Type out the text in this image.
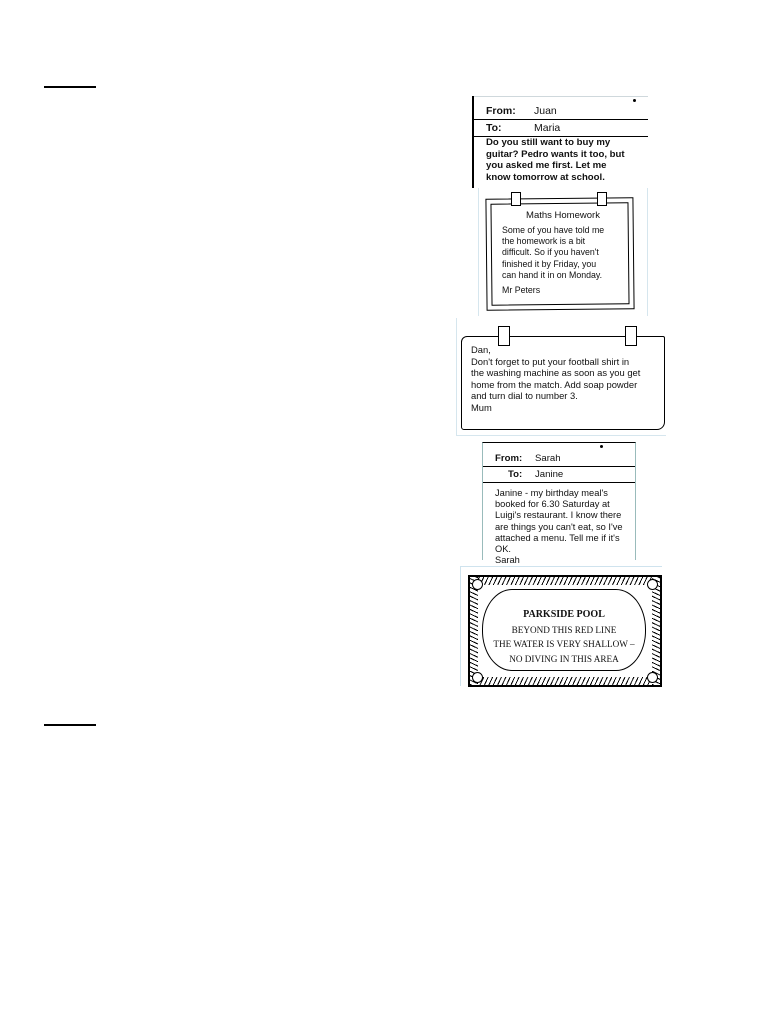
From: Juan
To:	Maria
Do you still want to buy my
guitar? Pedro wants it too, but
you asked me first. Let me
know tomorrow at school.
Maths Homework
Some of you have told me
the homework is a bit
difficult. So if you haven't
finished it by Friday, you
can hand it in on Monday.
Mr Peters
Dan,
Don't forget to put your football shirt in
the washing machine as soon as you get
home from the match. Add soap powder
and turn dial to number 3.
Mum
From: Sarah
To: Janine
Janine - my birthday meal's
booked for 6.30 Saturday at
Luigi's restaurant. I know there
are things you can't eat, so I've
attached a menu. Tell me if it's
OK.
Sarah
PARKSIDE POOL
BEYOND THIS RED LINE
THE WATER IS VERY SHALLOW –
NO DIVING IN THIS AREA
